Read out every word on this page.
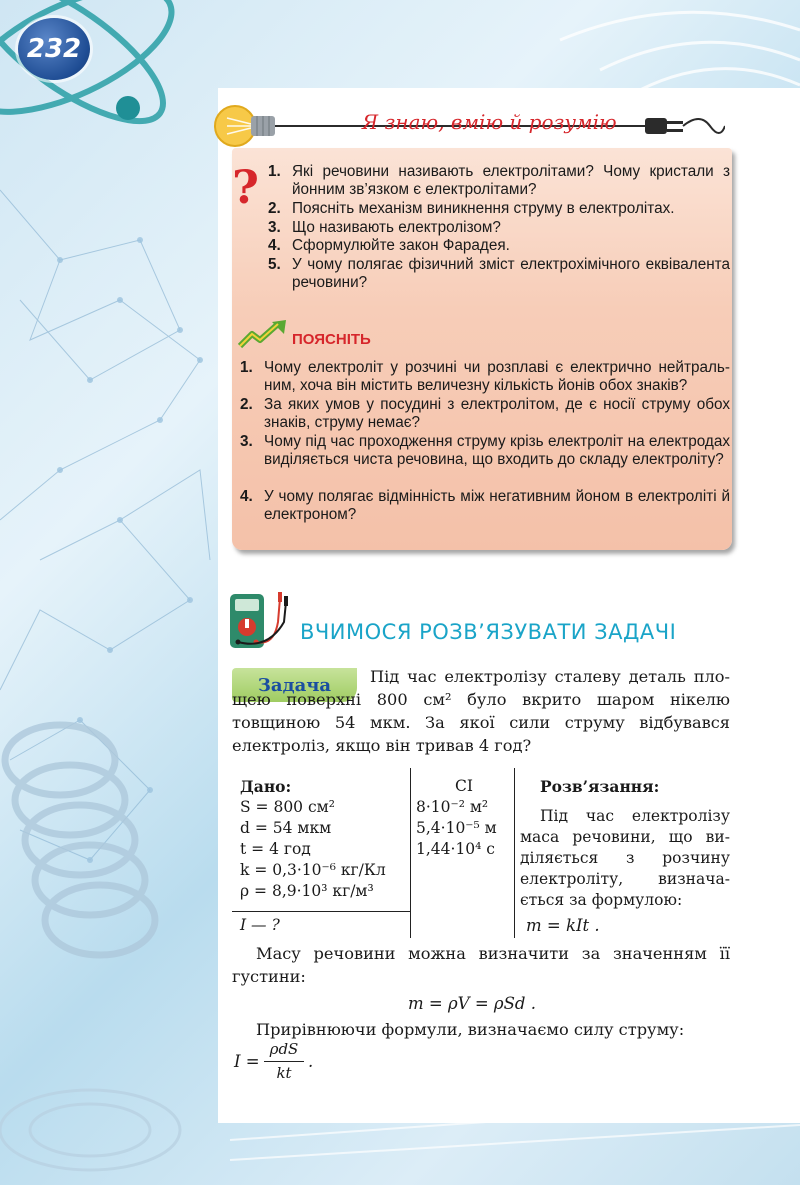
232
Я знаю, вмію й розумію
? 1. Які речовини називають електролітами? Чому кристали з йонним зв’язком є електролітами?
2. Поясніть механізм виникнення струму в електролітах.
3. Що називають електролізом?
4. Сформулюйте закон Фарадея.
5. У чому полягає фізичний зміст електрохімічного еквівалента речовини?
ПОЯСНІТЬ
1. Чому електроліт у розчині чи розплаві є електрично нейтральним, хоча він містить величезну кількість йонів обох знаків?
2. За яких умов у посудині з електролітом, де є носії струму обох знаків, струму немає?
3. Чому під час проходження струму крізь електроліт на електродах виділяється чиста речовина, що входить до складу електроліту?
4. У чому полягає відмінність між негативним йоном в електроліті й електроном?
ВЧИМОСЯ РОЗВ’ЯЗУВАТИ ЗАДАЧІ
Задача	Під час електролізу сталеву деталь площею поверхні 800 см² було вкрито шаром нікелю товщиною 54 мкм. За якої сили струму відбувався електроліз, якщо він тривав 4 год?
Дано:
S = 800 см²
d = 54 мкм
t = 4 год
k = 0,3·10⁻⁶ кг/Кл
ρ = 8,9·10³ кг/м³
I — ?
СІ
8·10⁻² м²
5,4·10⁻⁵ м
1,44·10⁴ с
Розв’язання:
Під час електролізу маса речовини, що виділяється з розчину електроліту, визначається за формулою:
m = kIt .
Масу речовини можна визначити за значенням її густини:
m = ρV = ρSd .
Прирівнюючи формули, визначаємо силу струму:
I =
ρdS
kt
.
